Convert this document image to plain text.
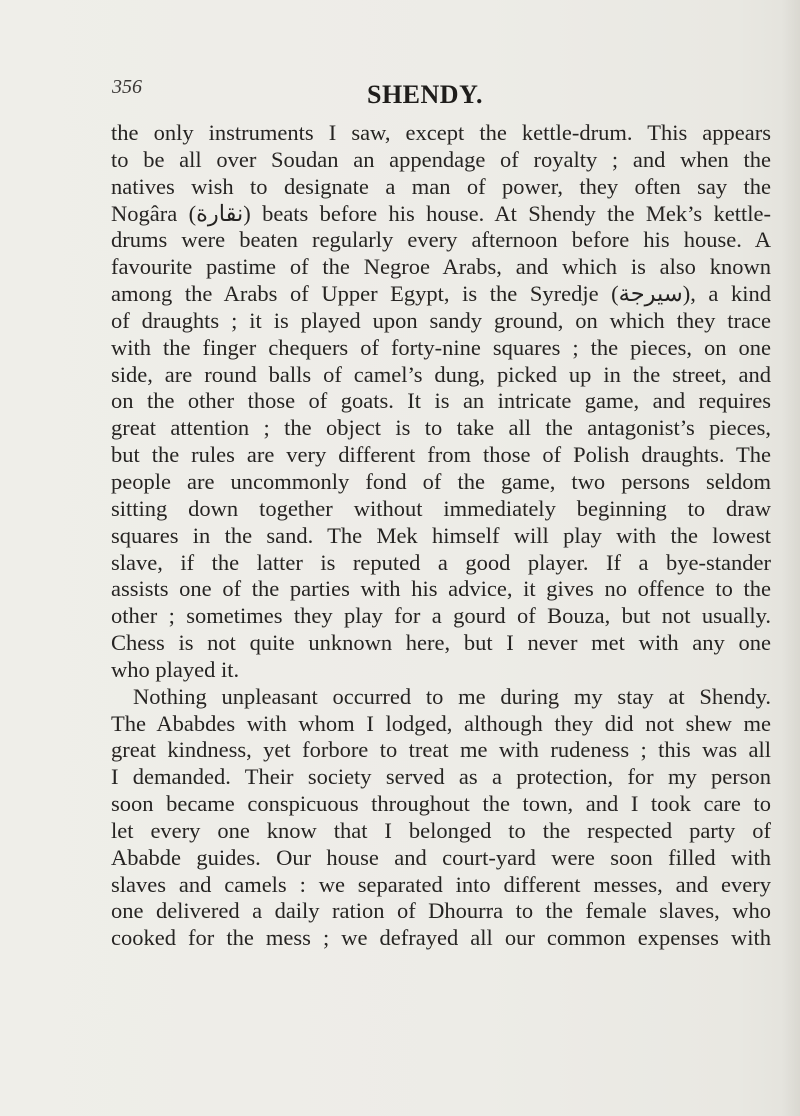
356	SHENDY.
the only instruments I saw, except the kettle-drum. This appears
to be all over Soudan an appendage of royalty ; and when the
natives wish to designate a man of power, they often say the
Nogâra (نقارة) beats before his house. At Shendy the Mek’s kettle-
drums were beaten regularly every afternoon before his house. A
favourite pastime of the Negroe Arabs, and which is also known
among the Arabs of Upper Egypt, is the Syredje (سيرجة), a kind
of draughts ; it is played upon sandy ground, on which they trace
with the finger chequers of forty-nine squares ; the pieces, on one
side, are round balls of camel’s dung, picked up in the street, and
on the other those of goats. It is an intricate game, and requires
great attention ; the object is to take all the antagonist’s pieces,
but the rules are very different from those of Polish draughts. The
people are uncommonly fond of the game, two persons seldom
sitting down together without immediately beginning to draw
squares in the sand. The Mek himself will play with the lowest
slave, if the latter is reputed a good player. If a bye-stander
assists one of the parties with his advice, it gives no offence to the
other ; sometimes they play for a gourd of Bouza, but not usually.
Chess is not quite unknown here, but I never met with any one
who played it.
Nothing unpleasant occurred to me during my stay at Shendy.
The Ababdes with whom I lodged, although they did not shew me
great kindness, yet forbore to treat me with rudeness ; this was all
I demanded. Their society served as a protection, for my person
soon became conspicuous throughout the town, and I took care to
let every one know that I belonged to the respected party of
Ababde guides. Our house and court-yard were soon filled with
slaves and camels : we separated into different messes, and every
one delivered a daily ration of Dhourra to the female slaves, who
cooked for the mess ; we defrayed all our common expenses with
